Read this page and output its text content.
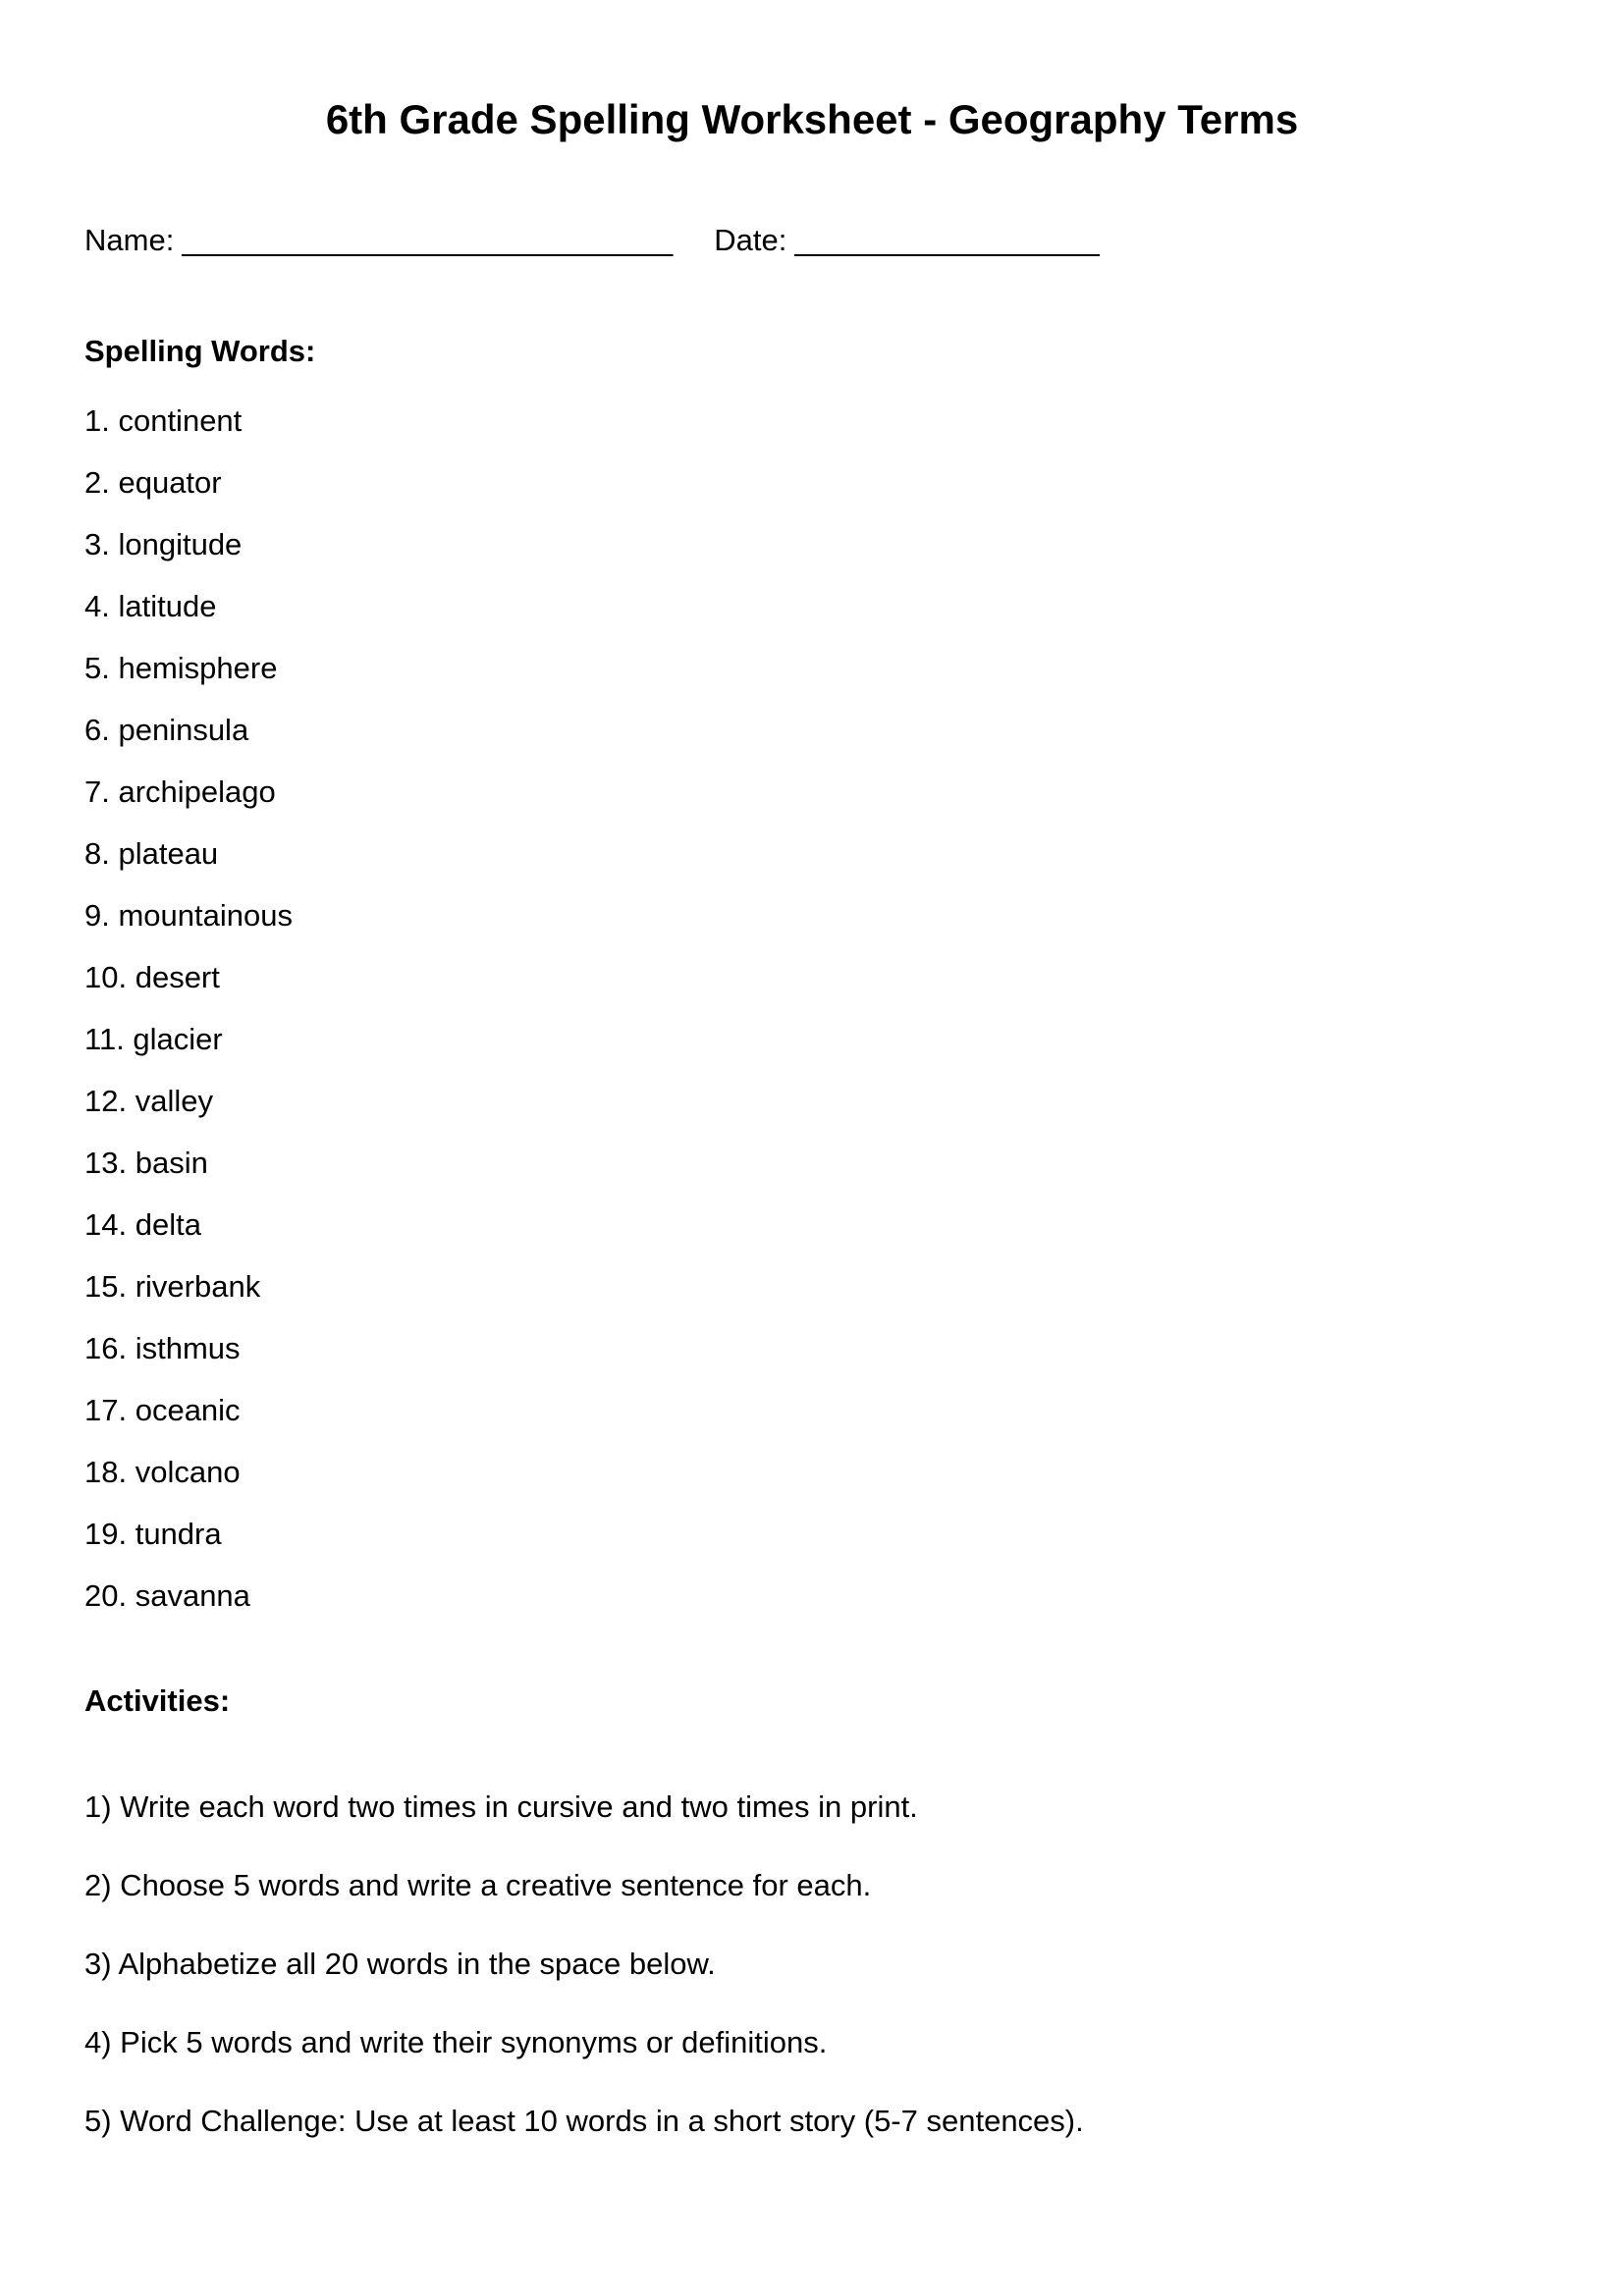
6th Grade Spelling Worksheet - Geography Terms
Name: _____________________________ Date: __________________
Spelling Words:

1. continent

2. equator

3. longitude

4. latitude

5. hemisphere

6. peninsula

7. archipelago

8. plateau

9. mountainous

10. desert

11. glacier

12. valley

13. basin

14. delta

15. riverbank

16. isthmus

17. oceanic

18. volcano

19. tundra

20. savanna

Activities:

1) Write each word two times in cursive and two times in print.

2) Choose 5 words and write a creative sentence for each.

3) Alphabetize all 20 words in the space below.

4) Pick 5 words and write their synonyms or definitions.

5) Word Challenge: Use at least 10 words in a short story (5-7 sentences).
